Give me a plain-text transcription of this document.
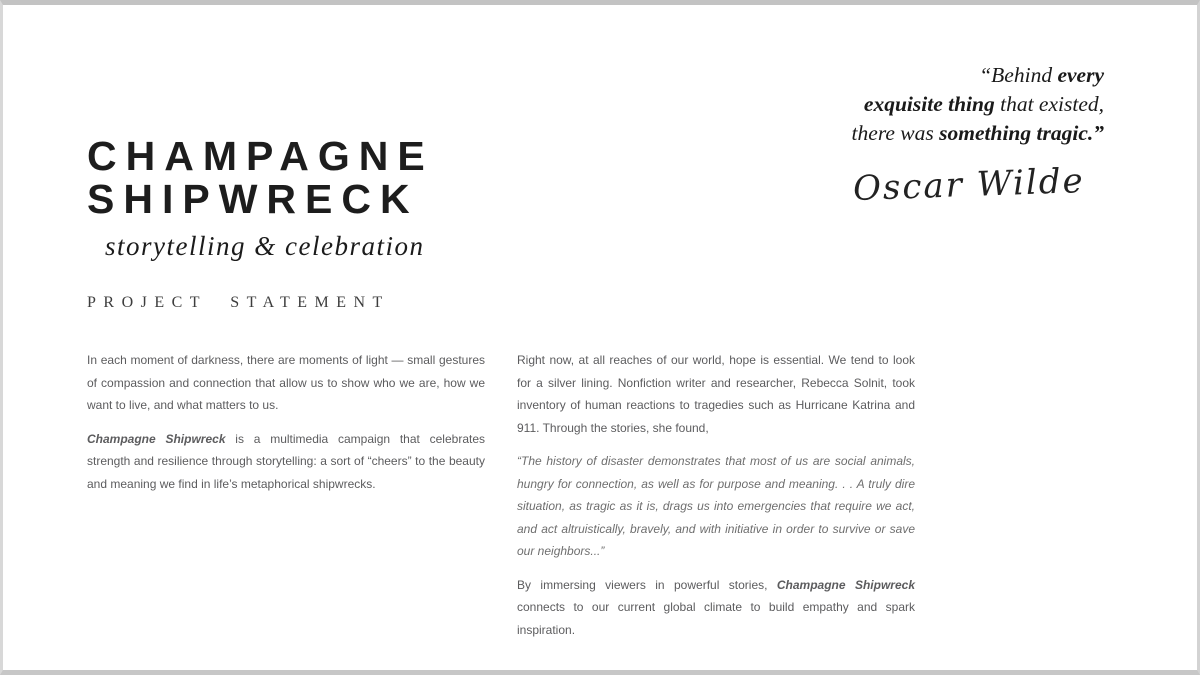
CHAMPAGNE
SHIPWRECK
storytelling & celebration
PROJECT STATEMENT
“Behind every
exquisite thing that existed,
there was something tragic.”
Oscar Wilde

In each moment of darkness, there are moments of light — small gestures of compassion and connection that allow us to show who we are, how we want to live, and what matters to us.

Champagne Shipwreck is a multimedia campaign that celebrates strength and resilience through storytelling: a sort of “cheers” to the beauty and meaning we find in life’s metaphorical shipwrecks.

Right now, at all reaches of our world, hope is essential. We tend to look for a silver lining. Nonfiction writer and researcher, Rebecca Solnit, took inventory of human reactions to tragedies such as Hurricane Katrina and 911. Through the stories, she found,

“The history of disaster demonstrates that most of us are social animals, hungry for connection, as well as for purpose and meaning. . . A truly dire situation, as tragic as it is, drags us into emergencies that require we act, and act altruistically, bravely, and with initiative in order to survive or save our neighbors...”

By immersing viewers in powerful stories, Champagne Shipwreck connects to our current global climate to build empathy and spark inspiration.
